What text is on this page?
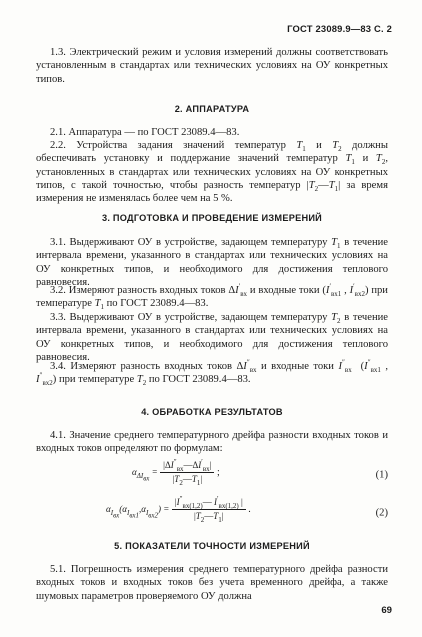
ГОСТ 23089.9—83 С. 2

1.3. Электрический режим и условия измерений должны соответствовать установленным в стандартах или технических условиях на ОУ конкретных типов.

2. АППАРАТУРА

2.1. Аппаратура — по ГОСТ 23089.4—83.

2.2. Устройства задания значений температур $T_1$ и $T_2$ должны обеспечивать установку и поддержание значений температур $T_1$ и $T_2$, установленных в стандартах или технических условиях на ОУ конкретных типов, с такой точностью, чтобы разность температур $|T_2—T_1|$ за время измерения не изменялась более чем на 5 %.

3. ПОДГОТОВКА И ПРОВЕДЕНИЕ ИЗМЕРЕНИЙ

3.1. Выдерживают ОУ в устройстве, задающем температуру $T_1$ в течение интервала времени, указанного в стандартах или технических условиях на ОУ конкретных типов, и необходимого для достижения теплового равновесия.

3.2. Измеряют разность входных токов $\Delta I'_{вх}$ и входные токи ($I'_{вх1}$ , $I'_{вх2}$) при температуре $T_1$ по ГОСТ 23089.4—83.

3.3. Выдерживают ОУ в устройстве, задающем температуру $T_2$ в течение интервала времени, указанного в стандартах или технических условиях на ОУ конкретных типов, и необходимого для достижения теплового равновесия.

3.4. Измеряют разность входных токов $\Delta I''_{вх}$ и входные токи $I''_{вх}$  ($I''_{вх1}$ , $I''_{вх2}$) при температуре $T_2$ по ГОСТ 23089.4—83.

4. ОБРАБОТКА РЕЗУЛЬТАТОВ

4.1. Значение среднего температурного дрейфа разности входных токов и входных токов определяют по формулам:

$\alpha_{\Delta I_{вх}} = \frac{|\Delta I''_{вх}—\Delta I'_{вх}|}{|T_2—T_1|}$ ;	(1)
$\alpha_{I_{вх}}(\alpha_{I_{вх1}},\alpha_{I_{вх2}}) = \frac{|I''_{вх(1,2)}— I'_{вх(1,2)} |}{|T_2—T_1|}$ .	(2)

5. ПОКАЗАТЕЛИ ТОЧНОСТИ ИЗМЕРЕНИЙ

5.1. Погрешность измерения среднего температурного дрейфа разности входных токов и входных токов без учета временного дрейфа, а также шумовых параметров проверяемого ОУ должна

69
